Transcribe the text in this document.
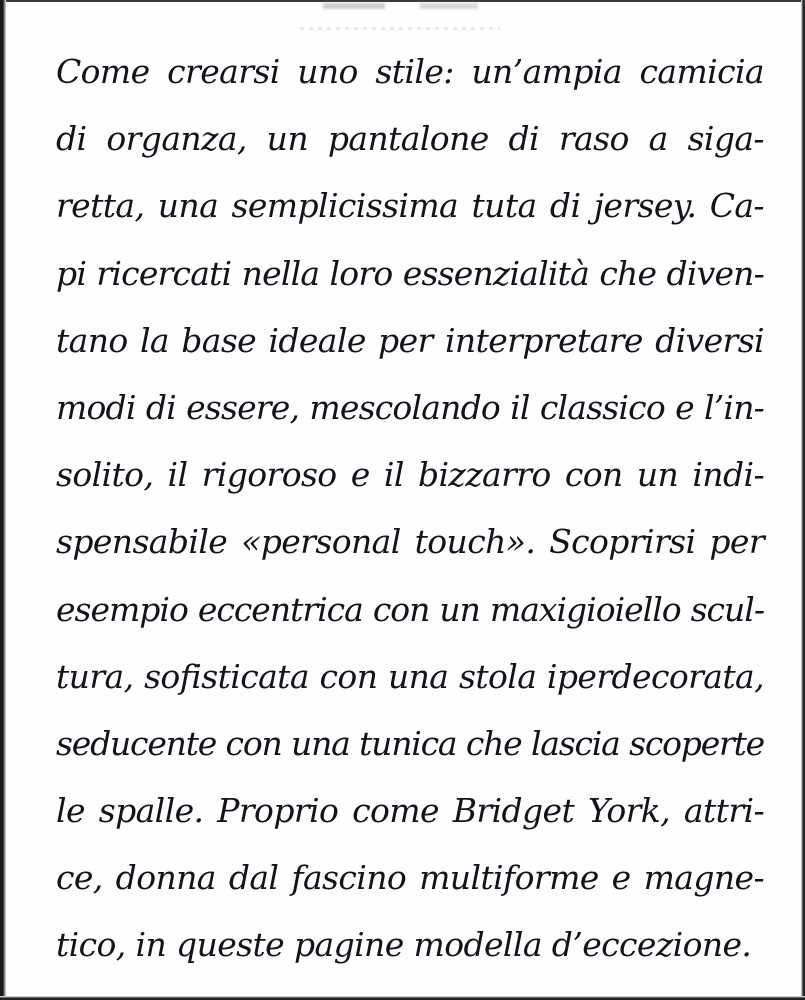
Come crearsi uno stile: un’ampia camicia
di organza, un pantalone di raso a siga-
retta, una semplicissima tuta di jersey. Ca-
pi ricercati nella loro essenzialità che diven-
tano la base ideale per interpretare diversi
modi di essere, mescolando il classico e l’in-
solito, il rigoroso e il bizzarro con un indi-
spensabile «personal touch». Scoprirsi per
esempio eccentrica con un maxigioiello scul-
tura, sofisticata con una stola iperdecorata,
seducente con una tunica che lascia scoperte
le spalle. Proprio come Bridget York, attri-
ce, donna dal fascino multiforme e magne-
tico, in queste pagine modella d’eccezione.
